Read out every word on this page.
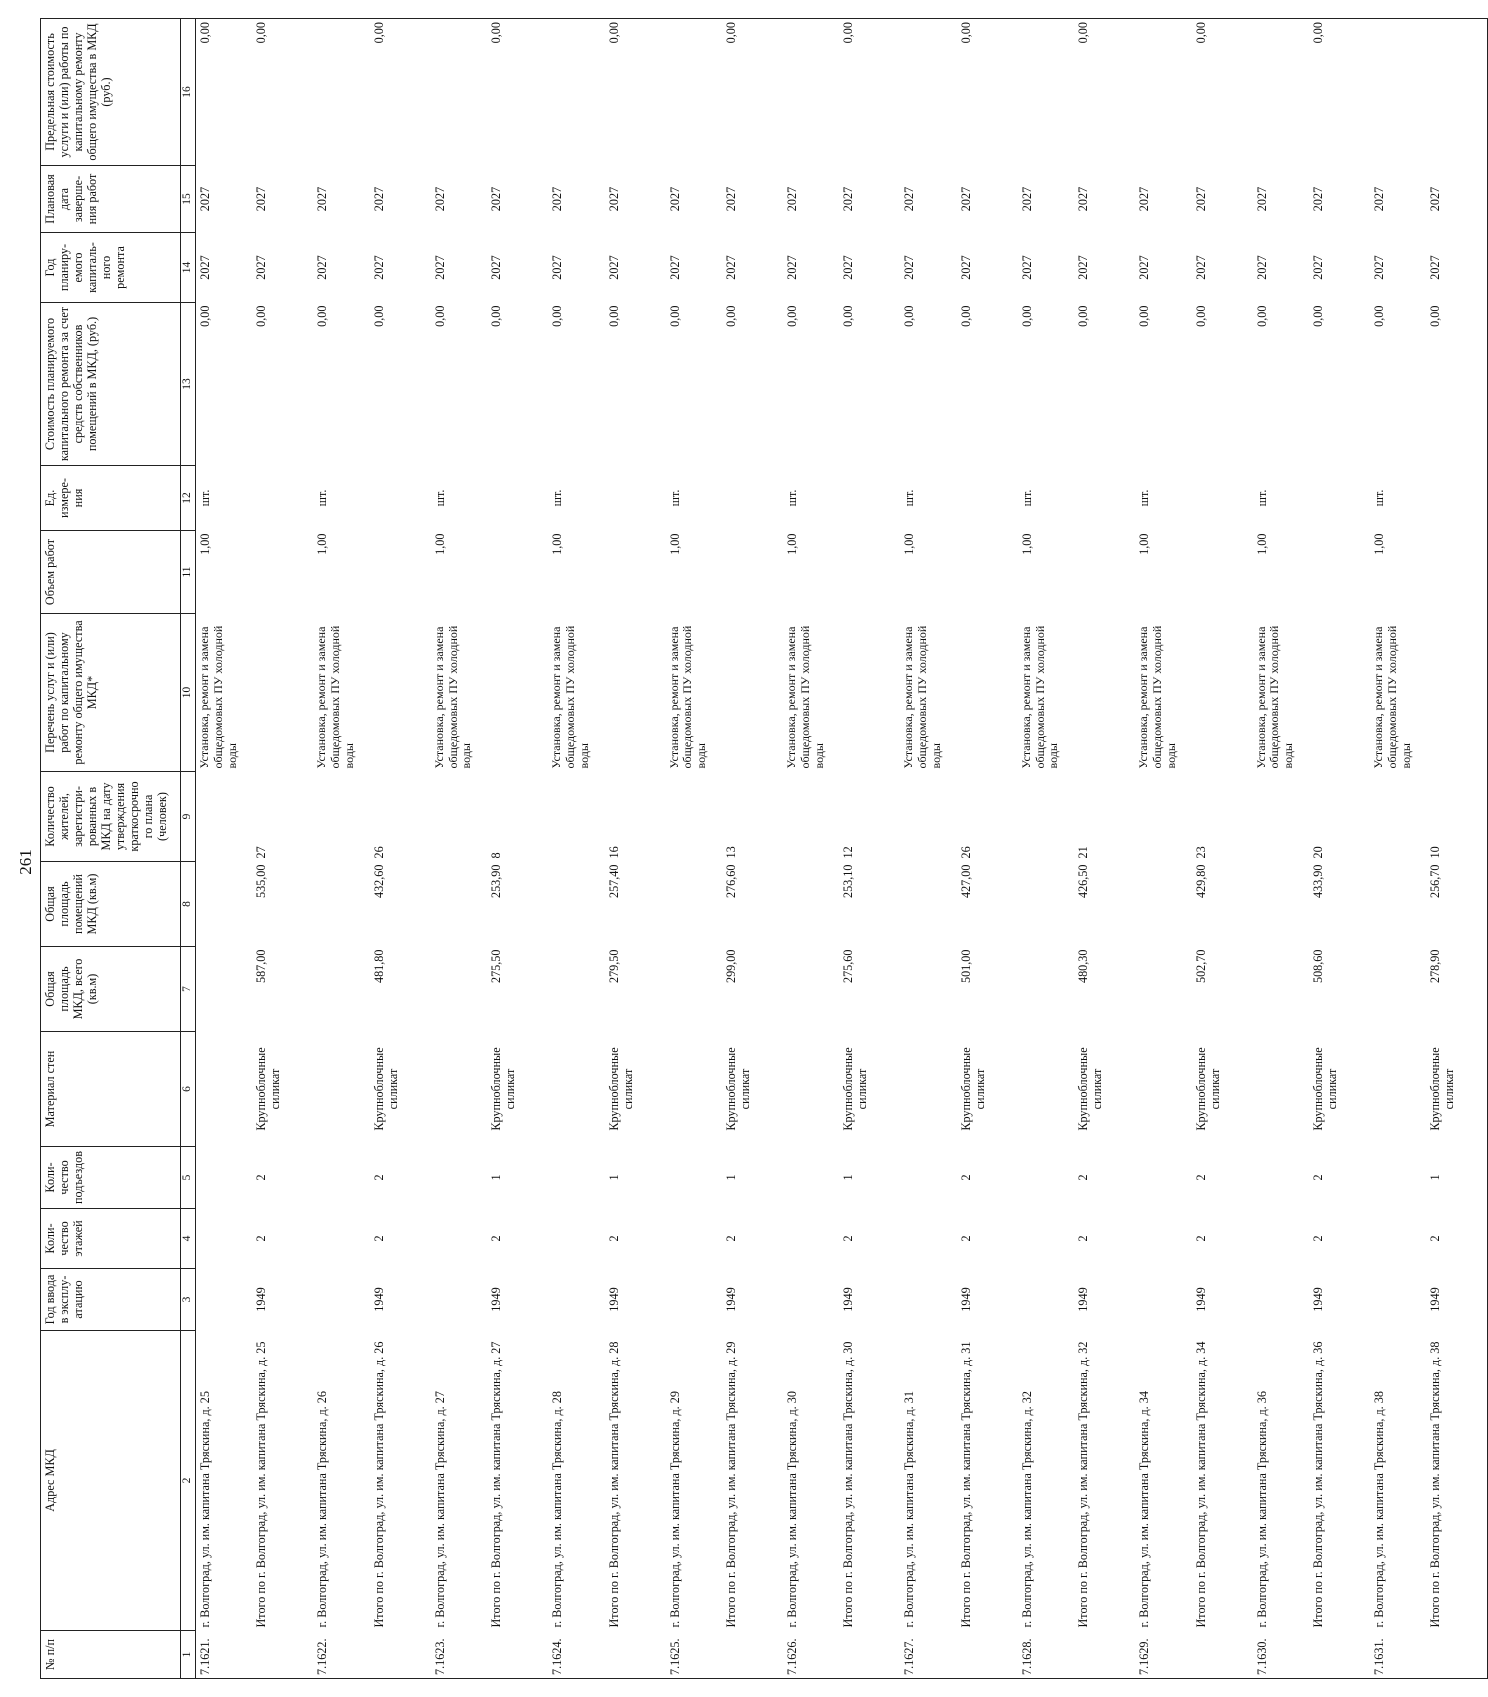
261
№ п/п	Адрес МКД	Год ввода в эксплу-атацию	Коли-чество этажей	Коли-чество подъездов	Материал стен	Общая площадь МКД, всего (кв.м)	Общая площадь помещений МКД (кв.м)	Количество жителей, зарегистри-рованных в МКД на дату утверждения краткосрочно го плана (человек)	Перечень услуг и (или) работ по капитальному ремонту общего имущества МКД*	Объем работ	Ед. измере-ния	Стоимость планируемого капитального ремонта за счет средств собственников помещений в МКД, (руб.)	Год планиру-емого капиталь-ного ремонта	Плановая дата заверше-ния работ	Предельная стоимость услуги и (или) работы по капитальному ремонту общего имущества в МКД (руб.)
1	2	3	4	5	6	7	8	9	10	11	12	13	14	15	16
7.1621.	г. Волгоград, ул. им. капитана Тряскина, д. 25								Установка, ремонт и замена общедомовых ПУ холодной воды	1,00	шт.	0,00	2027	2027	0,00
	Итого по г. Волгоград, ул. им. капитана Тряскина, д. 25	1949	2	2	Крупноблочные силикат	587,00	535,00	27				0,00	2027	2027	0,00
7.1622.	г. Волгоград, ул. им. капитана Тряскина, д. 26								Установка, ремонт и замена общедомовых ПУ холодной воды	1,00	шт.	0,00	2027	2027	
	Итого по г. Волгоград, ул. им. капитана Тряскина, д. 26	1949	2	2	Крупноблочные силикат	481,80	432,60	26				0,00	2027	2027	0,00
7.1623.	г. Волгоград, ул. им. капитана Тряскина, д. 27								Установка, ремонт и замена общедомовых ПУ холодной воды	1,00	шт.	0,00	2027	2027	
	Итого по г. Волгоград, ул. им. капитана Тряскина, д. 27	1949	2	1	Крупноблочные силикат	275,50	253,90	8				0,00	2027	2027	0,00
7.1624.	г. Волгоград, ул. им. капитана Тряскина, д. 28								Установка, ремонт и замена общедомовых ПУ холодной воды	1,00	шт.	0,00	2027	2027	
	Итого по г. Волгоград, ул. им. капитана Тряскина, д. 28	1949	2	1	Крупноблочные силикат	279,50	257,40	16				0,00	2027	2027	0,00
7.1625.	г. Волгоград, ул. им. капитана Тряскина, д. 29								Установка, ремонт и замена общедомовых ПУ холодной воды	1,00	шт.	0,00	2027	2027	
	Итого по г. Волгоград, ул. им. капитана Тряскина, д. 29	1949	2	1	Крупноблочные силикат	299,00	276,60	13				0,00	2027	2027	0,00
7.1626.	г. Волгоград, ул. им. капитана Тряскина, д. 30								Установка, ремонт и замена общедомовых ПУ холодной воды	1,00	шт.	0,00	2027	2027	
	Итого по г. Волгоград, ул. им. капитана Тряскина, д. 30	1949	2	1	Крупноблочные силикат	275,60	253,10	12				0,00	2027	2027	0,00
7.1627.	г. Волгоград, ул. им. капитана Тряскина, д. 31								Установка, ремонт и замена общедомовых ПУ холодной воды	1,00	шт.	0,00	2027	2027	
	Итого по г. Волгоград, ул. им. капитана Тряскина, д. 31	1949	2	2	Крупноблочные силикат	501,00	427,00	26				0,00	2027	2027	0,00
7.1628.	г. Волгоград, ул. им. капитана Тряскина, д. 32								Установка, ремонт и замена общедомовых ПУ холодной воды	1,00	шт.	0,00	2027	2027	
	Итого по г. Волгоград, ул. им. капитана Тряскина, д. 32	1949	2	2	Крупноблочные силикат	480,30	426,50	21				0,00	2027	2027	0,00
7.1629.	г. Волгоград, ул. им. капитана Тряскина, д. 34								Установка, ремонт и замена общедомовых ПУ холодной воды	1,00	шт.	0,00	2027	2027	
	Итого по г. Волгоград, ул. им. капитана Тряскина, д. 34	1949	2	2	Крупноблочные силикат	502,70	429,80	23				0,00	2027	2027	0,00
7.1630.	г. Волгоград, ул. им. капитана Тряскина, д. 36								Установка, ремонт и замена общедомовых ПУ холодной воды	1,00	шт.	0,00	2027	2027	
	Итого по г. Волгоград, ул. им. капитана Тряскина, д. 36	1949	2	2	Крупноблочные силикат	508,60	433,90	20				0,00	2027	2027	0,00
7.1631.	г. Волгоград, ул. им. капитана Тряскина, д. 38								Установка, ремонт и замена общедомовых ПУ холодной воды	1,00	шт.	0,00	2027	2027	
	Итого по г. Волгоград, ул. им. капитана Тряскина, д. 38	1949	2	1	Крупноблочные силикат	278,90	256,70	10				0,00	2027	2027	
